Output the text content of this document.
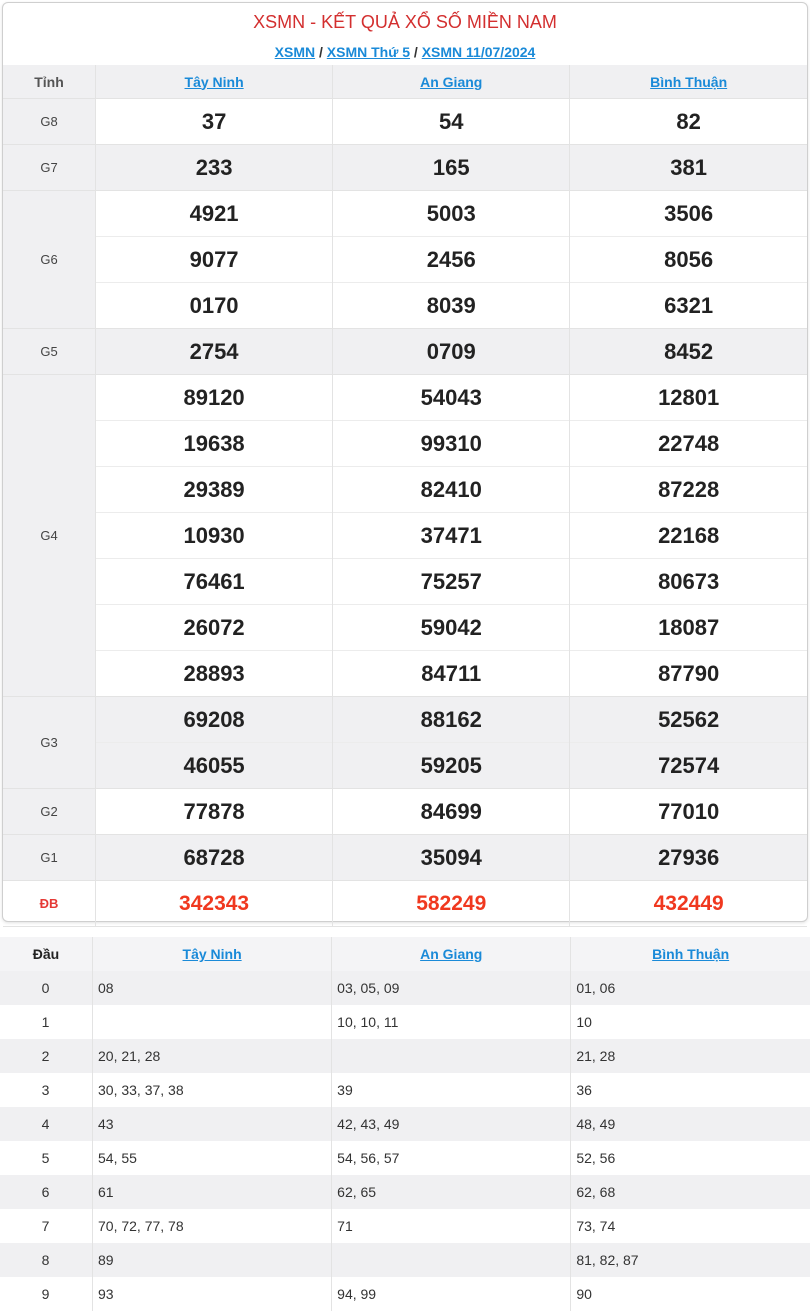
XSMN - KẾT QUẢ XỔ SỐ MIỀN NAM
XSMN / XSMN Thứ 5 / XSMN 11/07/2024
Tỉnh	Tây Ninh	An Giang	Bình Thuận
G8	37	54	82
G7	233	165	381
G6	4921	5003	3506
	9077	2456	8056
	0170	8039	6321
G5	2754	0709	8452
G4	89120	54043	12801
	19638	99310	22748
	29389	82410	87228
	10930	37471	22168
	76461	75257	80673
	26072	59042	18087
	28893	84711	87790
G3	69208	88162	52562
	46055	59205	72574
G2	77878	84699	77010
G1	68728	35094	27936
ĐB	342343	582249	432449
Đầu	Tây Ninh	An Giang	Bình Thuận
0	08	03, 05, 09	01, 06
1		10, 10, 11	10
2	20, 21, 28		21, 28
3	30, 33, 37, 38	39	36
4	43	42, 43, 49	48, 49
5	54, 55	54, 56, 57	52, 56
6	61	62, 65	62, 68
7	70, 72, 77, 78	71	73, 74
8	89		81, 82, 87
9	93	94, 99	90
